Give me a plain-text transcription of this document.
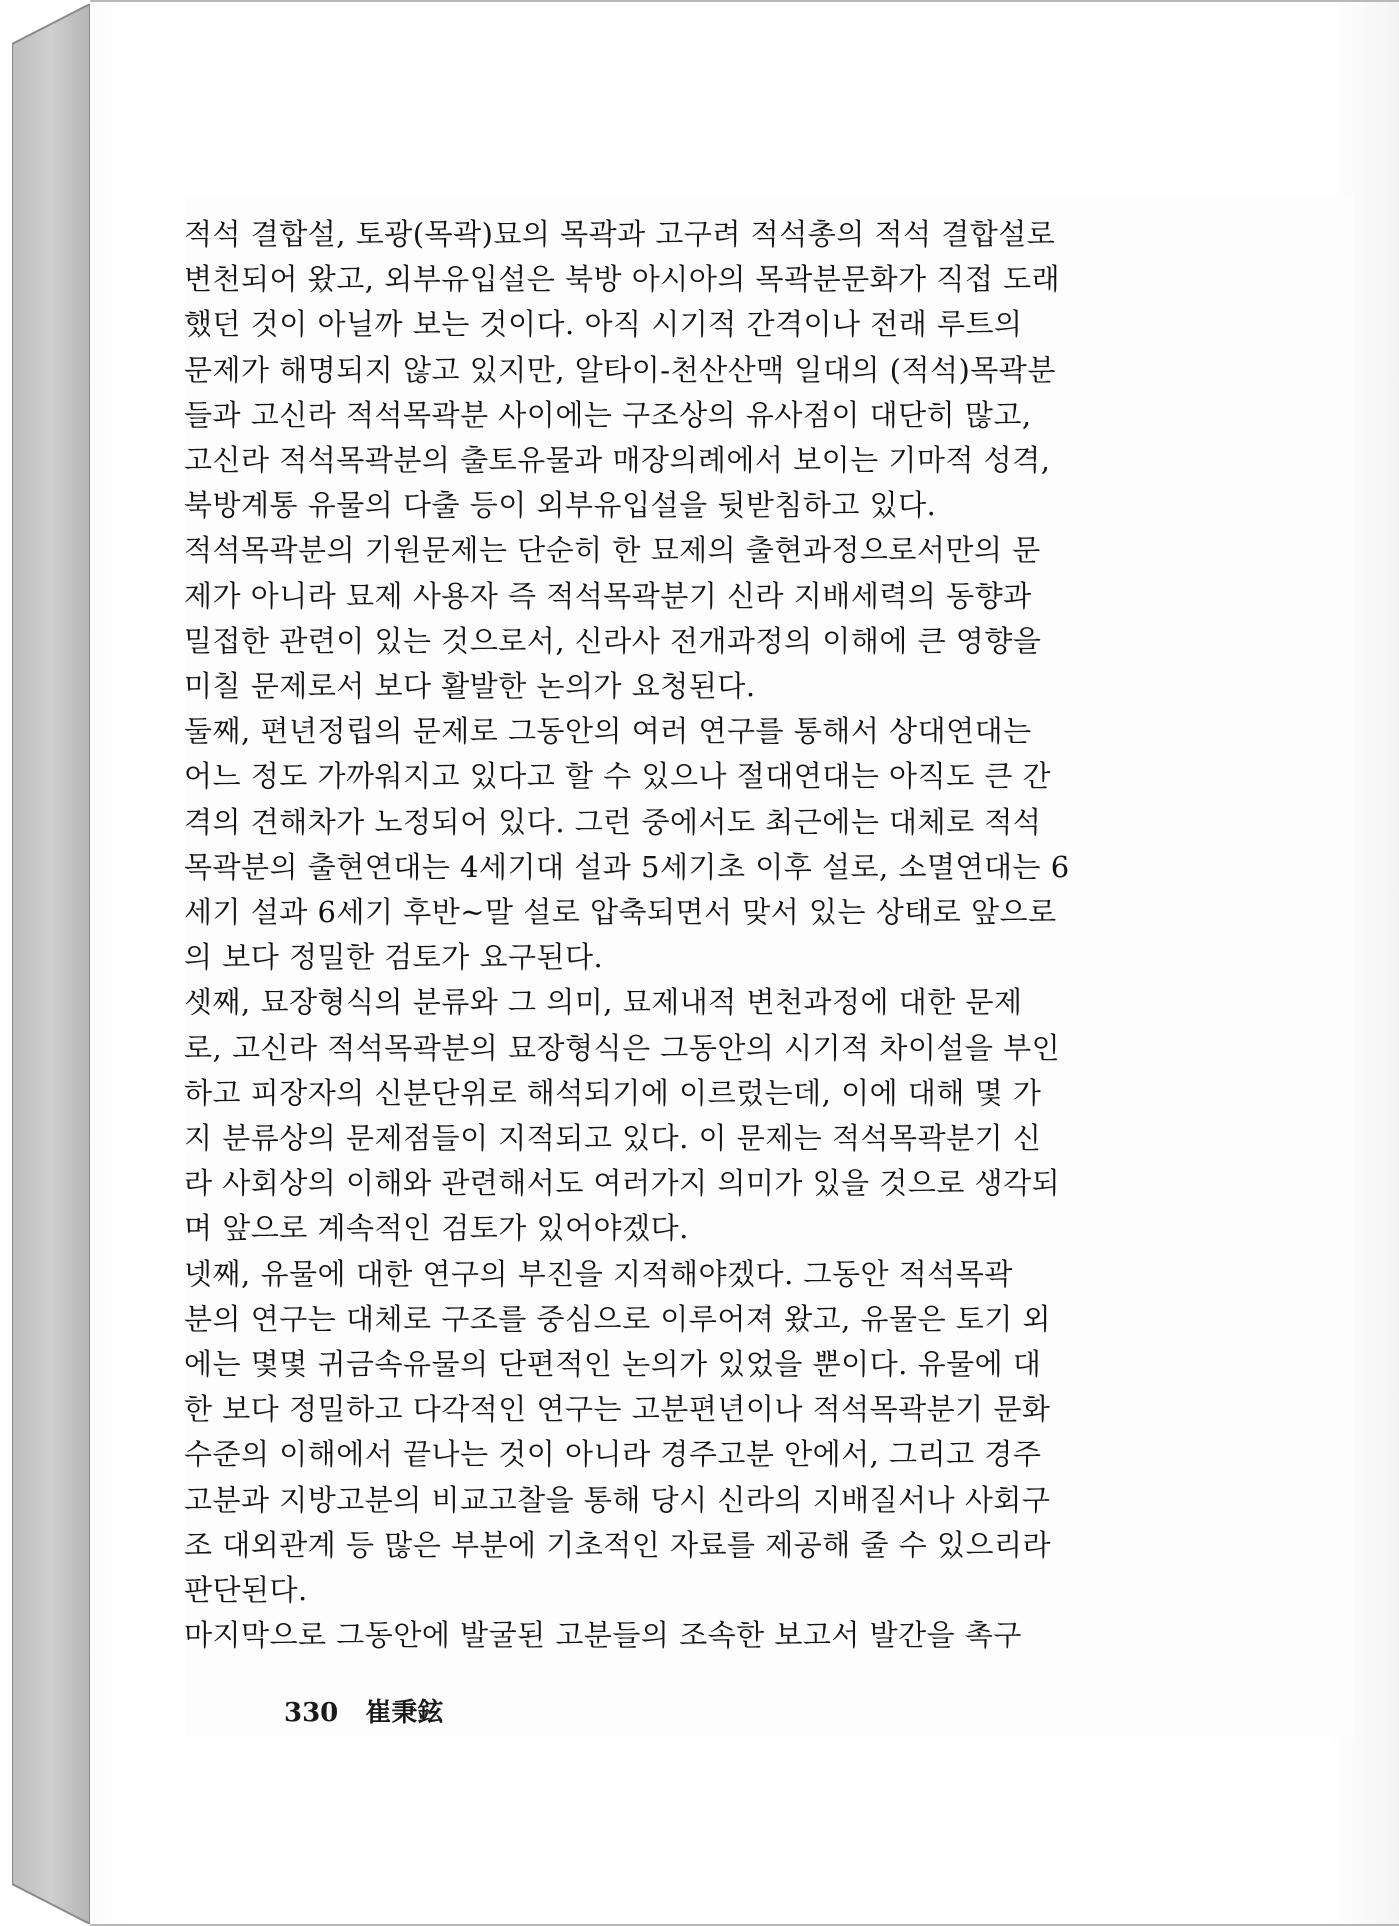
적석 결합설, 토광(목곽)묘의 목곽과 고구려 적석총의 적석 결합설로
변천되어 왔고, 외부유입설은 북방 아시아의 목곽분문화가 직접 도래
했던 것이 아닐까 보는 것이다. 아직 시기적 간격이나 전래 루트의
문제가 해명되지 않고 있지만, 알타이-천산산맥 일대의 (적석)목곽분
들과 고신라 적석목곽분 사이에는 구조상의 유사점이 대단히 많고,
고신라 적석목곽분의 출토유물과 매장의례에서 보이는 기마적 성격,
북방계통 유물의 다출 등이 외부유입설을 뒷받침하고 있다.

적석목곽분의 기원문제는 단순히 한 묘제의 출현과정으로서만의 문
제가 아니라 묘제 사용자 즉 적석목곽분기 신라 지배세력의 동향과
밀접한 관련이 있는 것으로서, 신라사 전개과정의 이해에 큰 영향을
미칠 문제로서 보다 활발한 논의가 요청된다.

둘째, 편년정립의 문제로 그동안의 여러 연구를 통해서 상대연대는
어느 정도 가까워지고 있다고 할 수 있으나 절대연대는 아직도 큰 간
격의 견해차가 노정되어 있다. 그런 중에서도 최근에는 대체로 적석
목곽분의 출현연대는 4세기대 설과 5세기초 이후 설로, 소멸연대는 6
세기 설과 6세기 후반~말 설로 압축되면서 맞서 있는 상태로 앞으로
의 보다 정밀한 검토가 요구된다.

셋째, 묘장형식의 분류와 그 의미, 묘제내적 변천과정에 대한 문제
로, 고신라 적석목곽분의 묘장형식은 그동안의 시기적 차이설을 부인
하고 피장자의 신분단위로 해석되기에 이르렀는데, 이에 대해 몇 가
지 분류상의 문제점들이 지적되고 있다. 이 문제는 적석목곽분기 신
라 사회상의 이해와 관련해서도 여러가지 의미가 있을 것으로 생각되
며 앞으로 계속적인 검토가 있어야겠다.

넷째, 유물에 대한 연구의 부진을 지적해야겠다. 그동안 적석목곽
분의 연구는 대체로 구조를 중심으로 이루어져 왔고, 유물은 토기 외
에는 몇몇 귀금속유물의 단편적인 논의가 있었을 뿐이다. 유물에 대
한 보다 정밀하고 다각적인 연구는 고분편년이나 적석목곽분기 문화
수준의 이해에서 끝나는 것이 아니라 경주고분 안에서, 그리고 경주
고분과 지방고분의 비교고찰을 통해 당시 신라의 지배질서나 사회구
조 대외관계 등 많은 부분에 기초적인 자료를 제공해 줄 수 있으리라
판단된다.

마지막으로 그동안에 발굴된 고분들의 조속한 보고서 발간을 촉구

330 崔秉鉉
